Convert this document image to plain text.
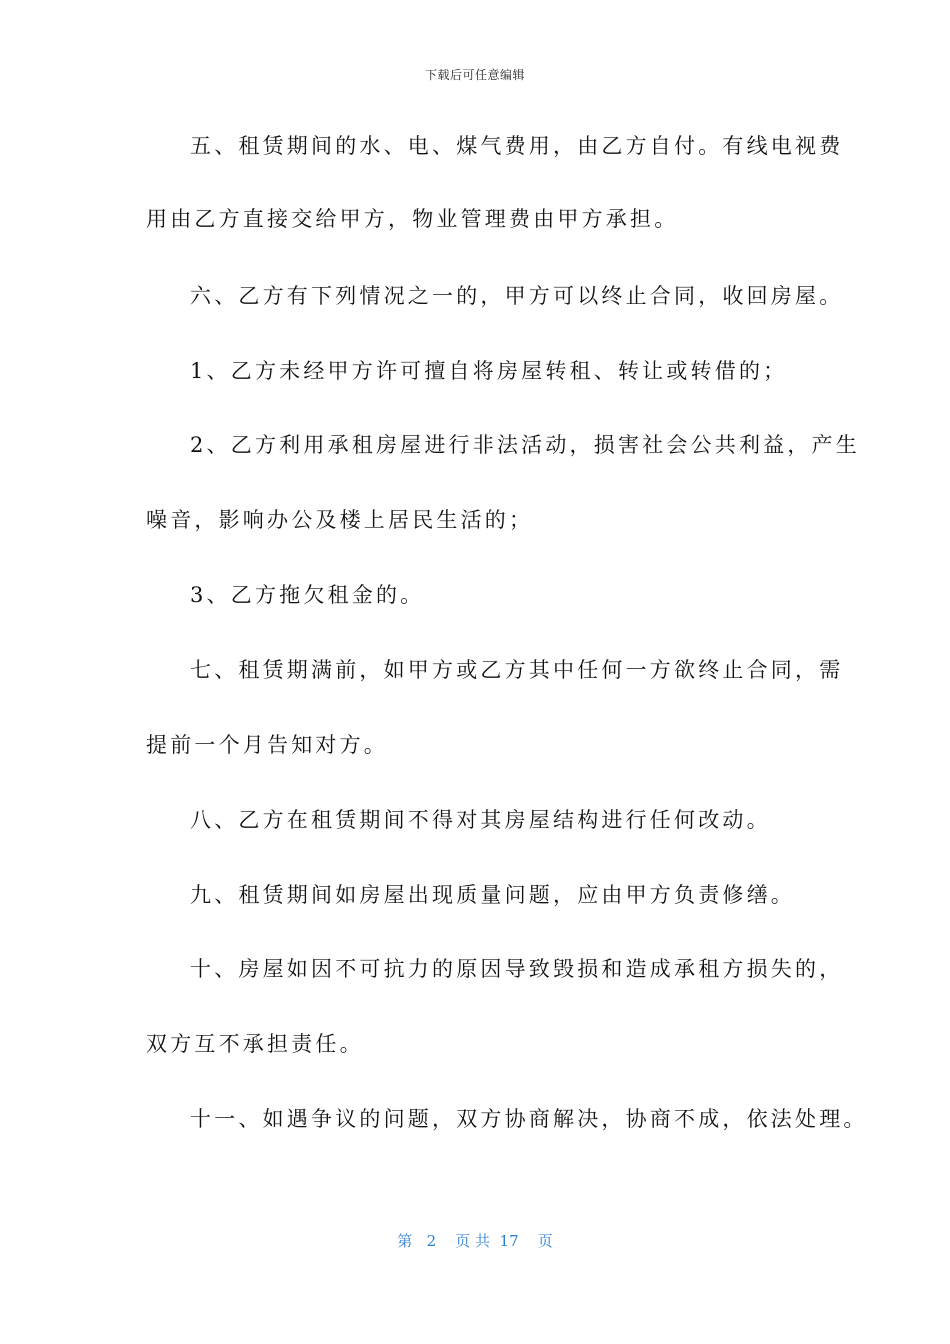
下载后可任意编辑
五、租赁期间的水、电、煤气费用，由乙方自付。有线电视费
用由乙方直接交给甲方，物业管理费由甲方承担。
六、乙方有下列情况之一的，甲方可以终止合同，收回房屋。
1、乙方未经甲方许可擅自将房屋转租、转让或转借的；
2、乙方利用承租房屋进行非法活动，损害社会公共利益，产生
噪音，影响办公及楼上居民生活的；
3、乙方拖欠租金的。
七、租赁期满前，如甲方或乙方其中任何一方欲终止合同，需
提前一个月告知对方。
八、乙方在租赁期间不得对其房屋结构进行任何改动。
九、租赁期间如房屋出现质量问题，应由甲方负责修缮。
十、房屋如因不可抗力的原因导致毁损和造成承租方损失的，
双方互不承担责任。
十一、如遇争议的问题，双方协商解决，协商不成，依法处理。
第 2 页 共 17 页
